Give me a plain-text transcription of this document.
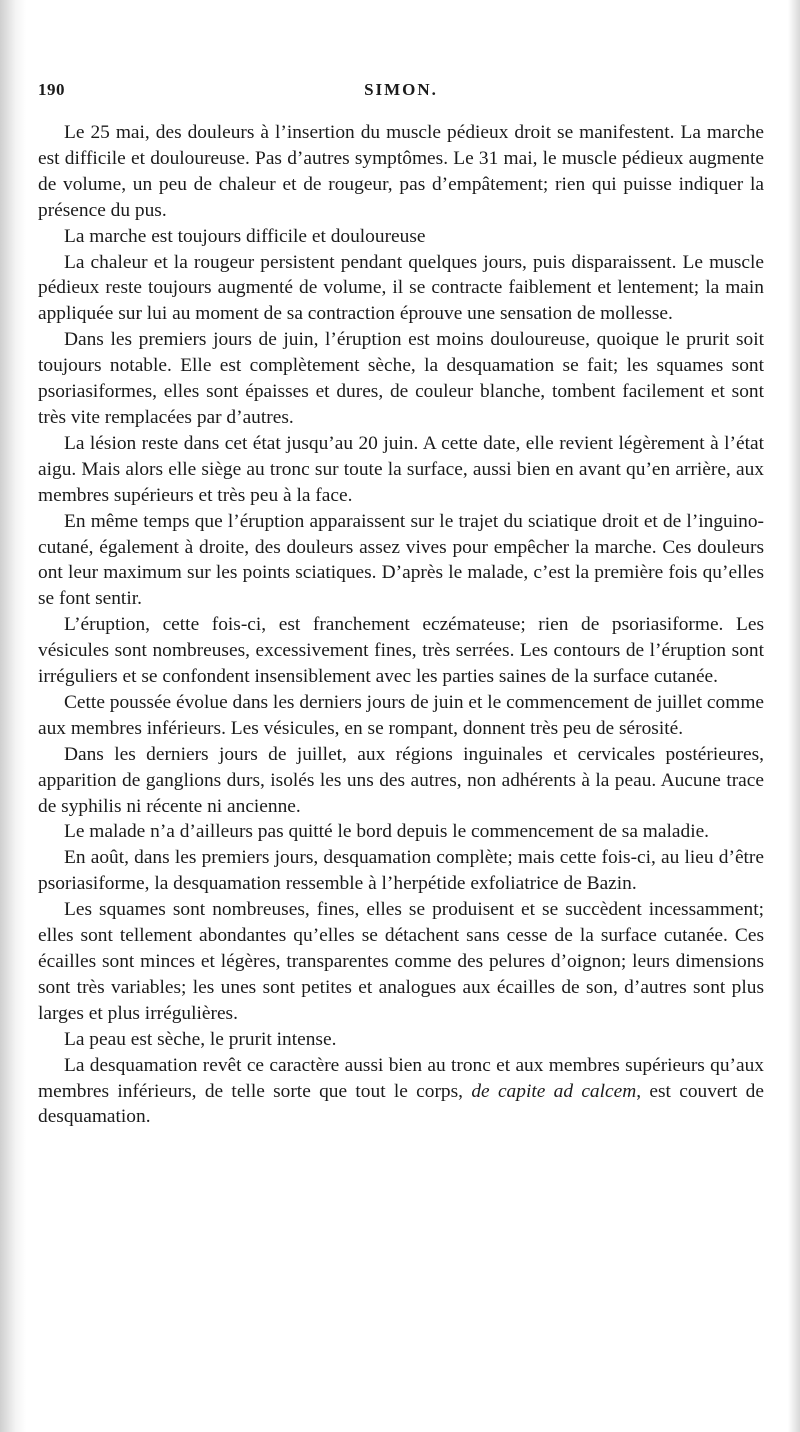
190	SIMON.

Le 25 mai, des douleurs à l’insertion du muscle pédieux droit se manifestent. La marche est difficile et douloureuse. Pas d’autres symptômes. Le 31 mai, le muscle pédieux augmente de volume, un peu de chaleur et de rougeur, pas d’empâtement; rien qui puisse indiquer la présence du pus.

La marche est toujours difficile et douloureuse

La chaleur et la rougeur persistent pendant quelques jours, puis disparaissent. Le muscle pédieux reste toujours augmenté de volume, il se contracte faiblement et lentement; la main appliquée sur lui au moment de sa contraction éprouve une sensation de mollesse.

Dans les premiers jours de juin, l’éruption est moins douloureuse, quoique le prurit soit toujours notable. Elle est complètement sèche, la desquamation se fait; les squames sont psoriasiformes, elles sont épaisses et dures, de couleur blanche, tombent facilement et sont très vite remplacées par d’autres.

La lésion reste dans cet état jusqu’au 20 juin. A cette date, elle revient légèrement à l’état aigu. Mais alors elle siège au tronc sur toute la surface, aussi bien en avant qu’en arrière, aux membres supérieurs et très peu à la face.

En même temps que l’éruption apparaissent sur le trajet du sciatique droit et de l’inguino-cutané, également à droite, des douleurs assez vives pour empêcher la marche. Ces douleurs ont leur maximum sur les points sciatiques. D’après le malade, c’est la première fois qu’elles se font sentir.

L’éruption, cette fois-ci, est franchement eczémateuse; rien de psoriasiforme. Les vésicules sont nombreuses, excessivement fines, très serrées. Les contours de l’éruption sont irréguliers et se confondent insensiblement avec les parties saines de la surface cutanée.

Cette poussée évolue dans les derniers jours de juin et le commencement de juillet comme aux membres inférieurs. Les vésicules, en se rompant, donnent très peu de sérosité.

Dans les derniers jours de juillet, aux régions inguinales et cervicales postérieures, apparition de ganglions durs, isolés les uns des autres, non adhérents à la peau. Aucune trace de syphilis ni récente ni ancienne.

Le malade n’a d’ailleurs pas quitté le bord depuis le commencement de sa maladie.

En août, dans les premiers jours, desquamation complète; mais cette fois-ci, au lieu d’être psoriasiforme, la desquamation ressemble à l’herpétide exfoliatrice de Bazin.

Les squames sont nombreuses, fines, elles se produisent et se succèdent incessamment; elles sont tellement abondantes qu’elles se détachent sans cesse de la surface cutanée. Ces écailles sont minces et légères, transparentes comme des pelures d’oignon; leurs dimensions sont très variables; les unes sont petites et analogues aux écailles de son, d’autres sont plus larges et plus irrégulières.

La peau est sèche, le prurit intense.

La desquamation revêt ce caractère aussi bien au tronc et aux membres supérieurs qu’aux membres inférieurs, de telle sorte que tout le corps, de capite ad calcem, est couvert de desquamation.
